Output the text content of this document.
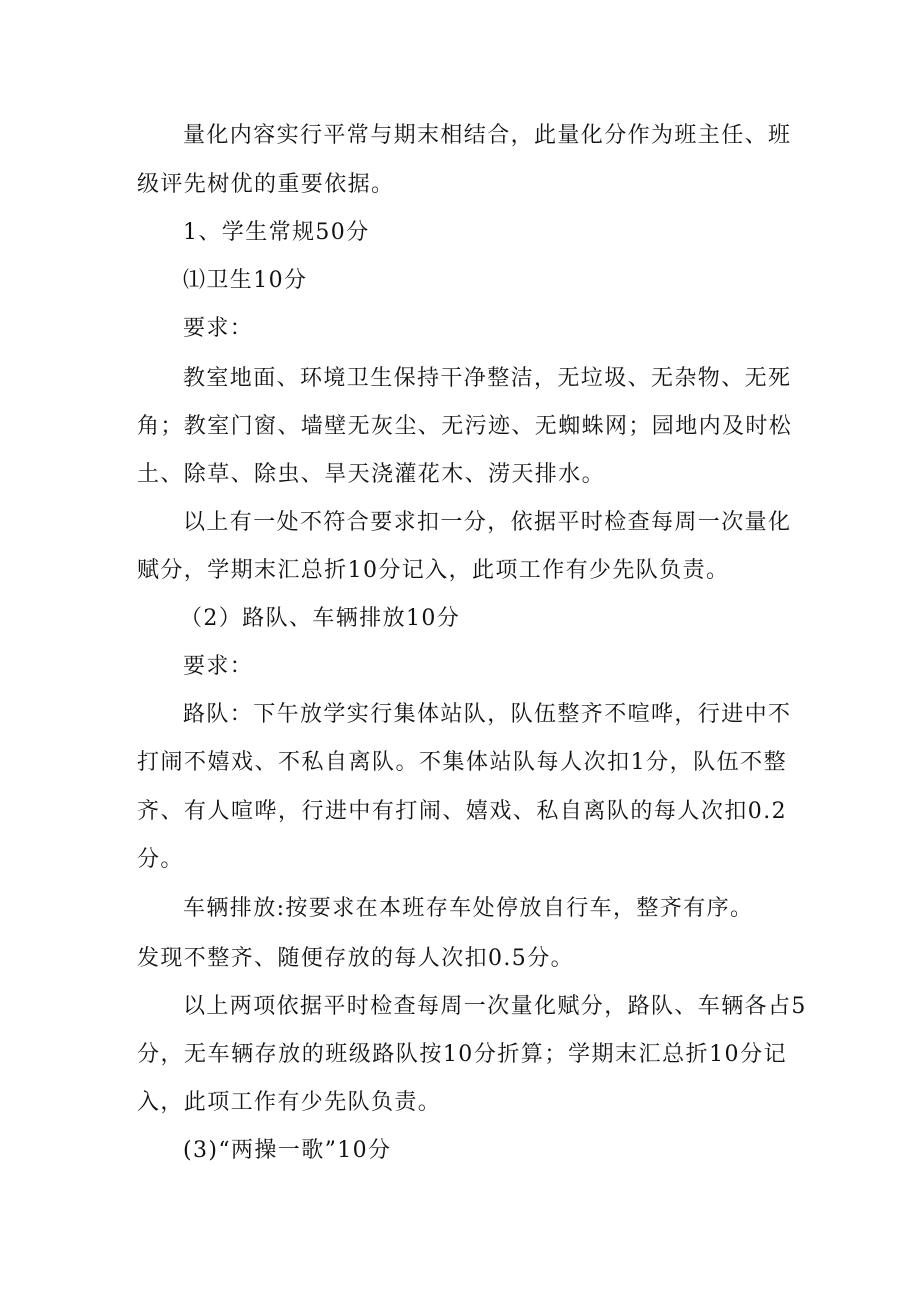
量化内容实行平常与期末相结合，此量化分作为班主任、班
级评先树优的重要依据。
1、学生常规50分
⑴卫生10分
要求：
教室地面、环境卫生保持干净整洁，无垃圾、无杂物、无死
角；教室门窗、墙壁无灰尘、无污迹、无蜘蛛网；园地内及时松
土、除草、除虫、旱天浇灌花木、涝天排水。
以上有一处不符合要求扣一分，依据平时检查每周一次量化
赋分，学期末汇总折10分记入，此项工作有少先队负责。
（2）路队、车辆排放10分
要求：
路队：下午放学实行集体站队，队伍整齐不喧哗，行进中不
打闹不嬉戏、不私自离队。不集体站队每人次扣1分，队伍不整
齐、有人喧哗，行进中有打闹、嬉戏、私自离队的每人次扣0.2
分。
车辆排放:按要求在本班存车处停放自行车，整齐有序。
发现不整齐、随便存放的每人次扣0.5分。
以上两项依据平时检查每周一次量化赋分，路队、车辆各占5
分，无车辆存放的班级路队按10分折算；学期末汇总折10分记
入，此项工作有少先队负责。
(3)“两操一歌”10分
